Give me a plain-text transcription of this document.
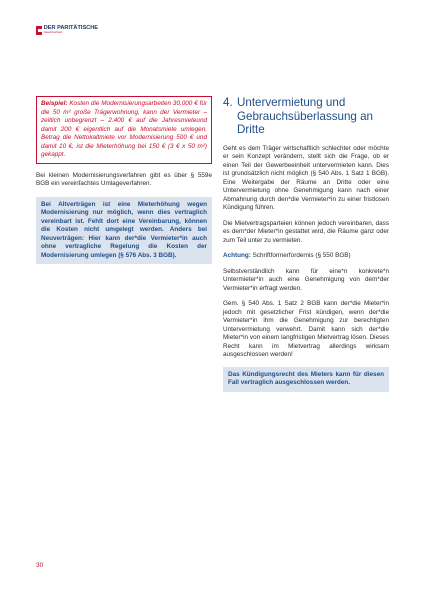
DER PARITÄTISCHE
Gesamtverband
Beispiel: Kosten die Modernisierungsarbeiten 30.000 € für die 50 m² große Trägerwohnung, kann der Vermieter – zeitlich unbegrenzt – 2.400 € auf die Jahresmieteund damit 200 € eigentlich auf die Monatsmiete umlegen. Betrag die Nettokaltmiete vor Modernisierung 500 € und damit 10 €, ist die Mieterhöhung bei 150 € (3 € x 50 m²) gekappt.

Bei kleinen Modernisierungsverfahren gibt es über § 559e BGB ein vereinfachtes Umlageverfahren.

Bei Altverträgen ist eine Mieterhöhung wegen Modernisierung nur möglich, wenn dies vertraglich vereinbart ist. Fehlt dort eine Vereinbarung, können die Kosten nicht umgelegt werden. Anders bei Neuverträgen: Hier kann der*die Vermieter*in auch ohne vertragliche Regelung die Kosten der Modernisierung umlegen (§ 576 Abs. 3 BGB).
4. Untervermietung und Gebrauchsüberlassung an Dritte

Geht es dem Träger wirtschaftlich schlechter oder möchte er sein Konzept verändern, stellt sich die Frage, ob er einen Teil der Gewerbeeinheit untervermieten kann. Dies ist grundsätzlich nicht möglich (§ 540 Abs. 1 Satz 1 BGB). Eine Weitergabe der Räume an Dritte oder eine Untervermietung ohne Genehmigung kann nach einer Abmahnung durch den*die Vermieter*in zu einer fristlosen Kündigung führen.

Die Mietvertragsparteien können jedoch vereinbaren, dass es dem*der Mieter*in gestattet wird, die Räume ganz oder zum Teil unter zu vermieten.

Achtung: Schriftformerfordernis (§ 550 BGB)

Selbstverständlich kann für eine*n konkrete*n Untermieter*in auch eine Genehmigung von dem*der Vermieter*in erfragt werden.

Gem. § 540 Abs. 1 Satz 2 BGB kann der*die Mieter*in jedoch mit gesetzlicher Frist kündigen, wenn der*die Vermieter*in ihm die Genehmigung zur berechtigten Untervermietung verwehrt. Damit kann sich der*die Mieter*in von einem langfristigen Mietvertrag lösen. Dieses Recht kann im Mietvertrag allerdings wirksam ausgeschlossen werden!

Das Kündigungsrecht des Mieters kann für diesen Fall vertraglich ausgeschlossen werden.
30
